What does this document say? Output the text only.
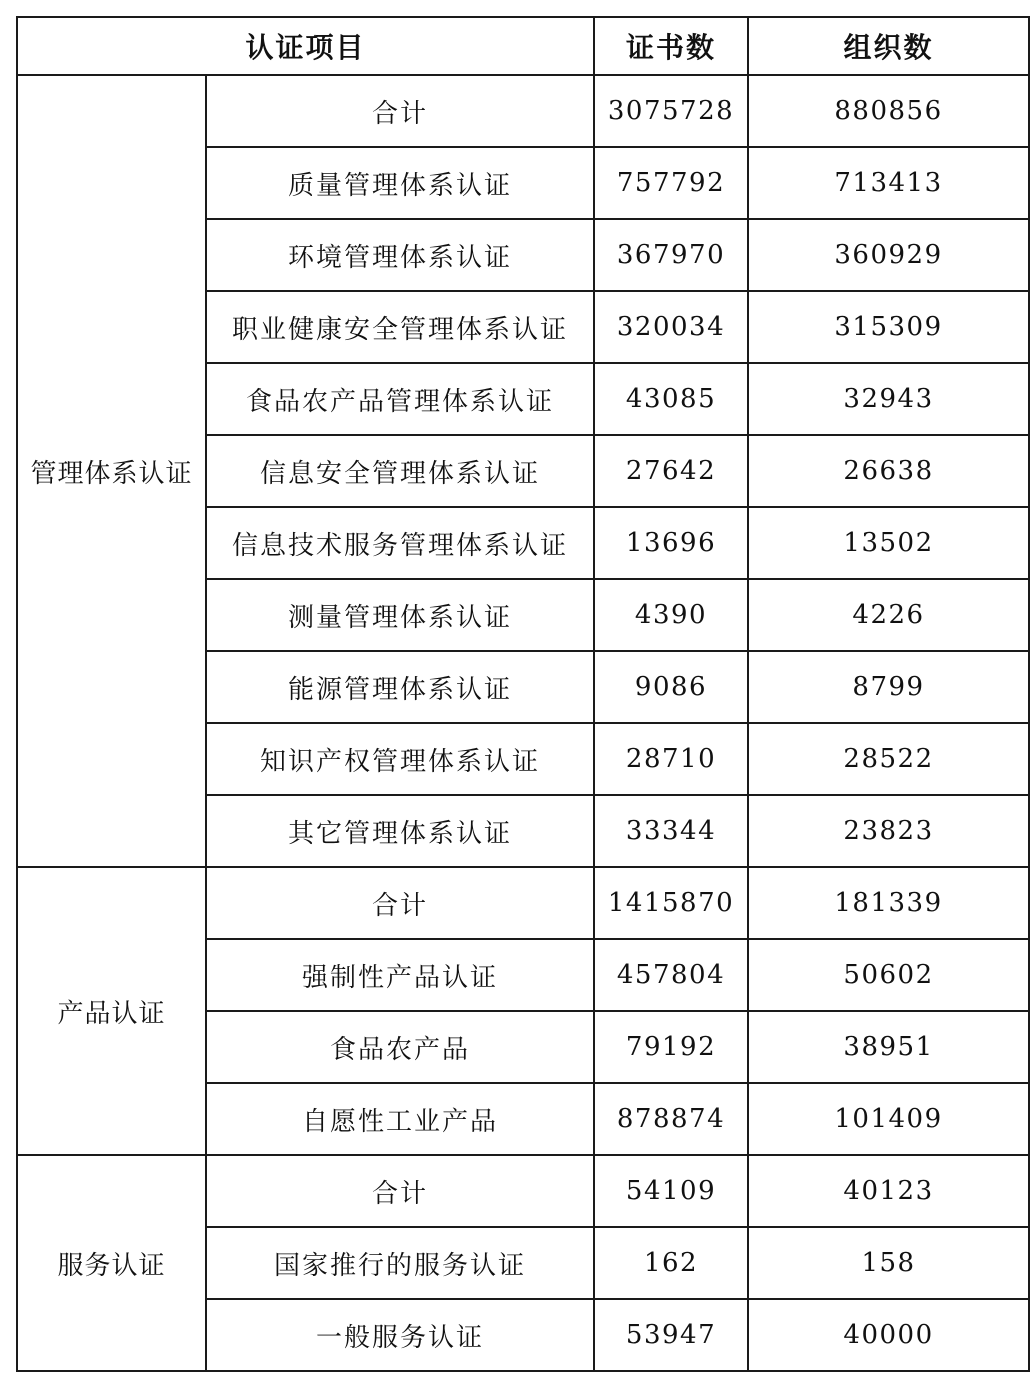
认证项目		证书数	组织数
管理体系认证	合计	3075728	880856
	质量管理体系认证	757792	713413
	环境管理体系认证	367970	360929
	职业健康安全管理体系认证	320034	315309
	食品农产品管理体系认证	43085	32943
	信息安全管理体系认证	27642	26638
	信息技术服务管理体系认证	13696	13502
	测量管理体系认证	4390	4226
	能源管理体系认证	9086	8799
	知识产权管理体系认证	28710	28522
	其它管理体系认证	33344	23823
产品认证	合计	1415870	181339
	强制性产品认证	457804	50602
	食品农产品	79192	38951
	自愿性工业产品	878874	101409
服务认证	合计	54109	40123
	国家推行的服务认证	162	158
	一般服务认证	53947	40000
